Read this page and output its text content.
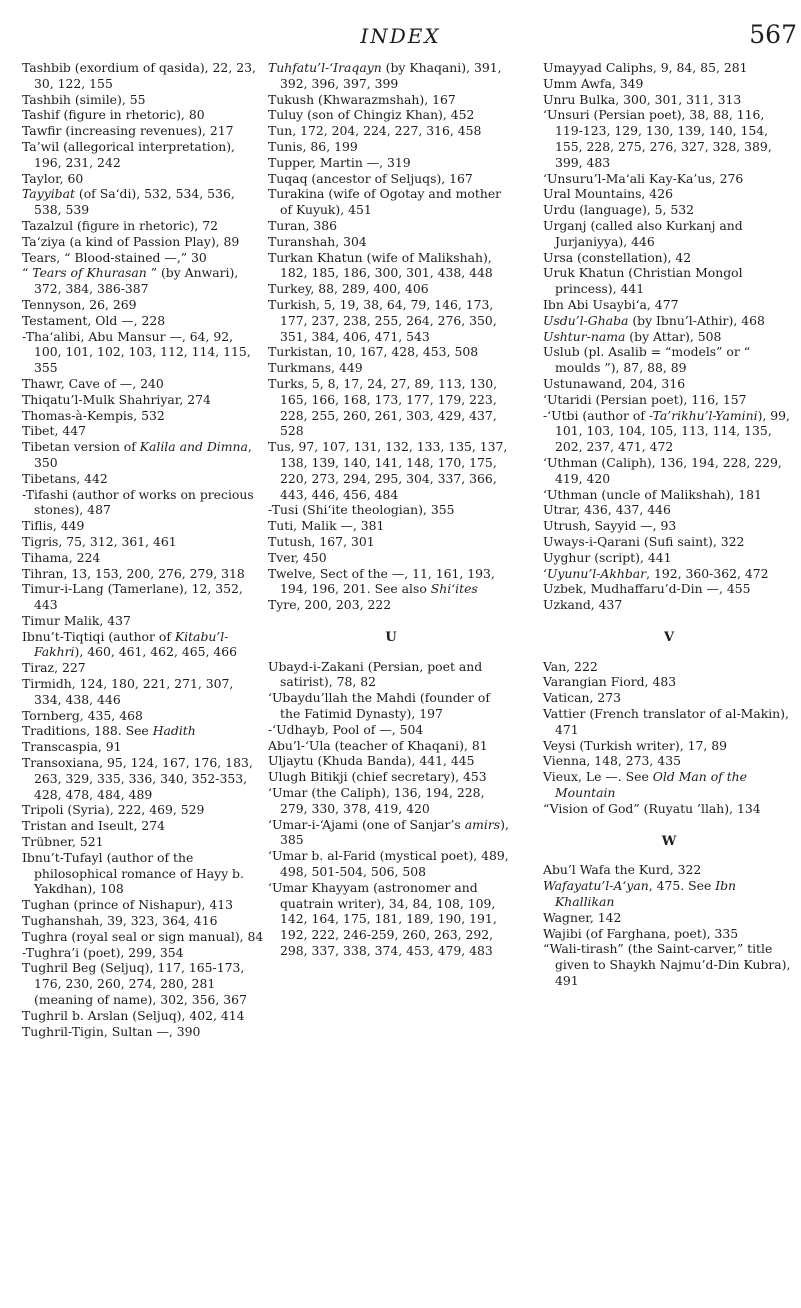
INDEX	567

Tashbib (exordium of qasida), 22, 23, 30, 122, 155

Tashbih (simile), 55

Tashif (figure in rhetoric), 80

Tawfir (increasing revenues), 217

Ta’wil (allegorical interpretation), 196, 231, 242

Taylor, 60

Tayyibat (of Sa‘di), 532, 534, 536, 538, 539

Tazalzul (figure in rhetoric), 72

Ta‘ziya (a kind of Passion Play), 89

Tears, “ Blood-stained —,” 30

“ Tears of Khurasan ” (by Anwari), 372, 384, 386-387

Tennyson, 26, 269

Testament, Old —, 228

-Tha‘alibi, Abu Mansur —, 64, 92, 100, 101, 102, 103, 112, 114, 115, 355

Thawr, Cave of —, 240

Thiqatu’l-Mulk Shahriyar, 274

Thomas-à-Kempis, 532

Tibet, 447

Tibetan version of Kalila and Dimna, 350

Tibetans, 442

-Tifashi (author of works on precious stones), 487

Tiflis, 449

Tigris, 75, 312, 361, 461

Tihama, 224

Tihran, 13, 153, 200, 276, 279, 318

Timur-i-Lang (Tamerlane), 12, 352, 443

Timur Malik, 437

Ibnu’t-Tiqtiqi (author of Kitabu’l-Fakhri), 460, 461, 462, 465, 466

Tiraz, 227

Tirmidh, 124, 180, 221, 271, 307, 334, 438, 446

Tornberg, 435, 468

Traditions, 188. See Hadith

Transcaspia, 91

Transoxiana, 95, 124, 167, 176, 183, 263, 329, 335, 336, 340, 352-353, 428, 478, 484, 489

Tripoli (Syria), 222, 469, 529

Tristan and Iseult, 274

Trübner, 521

Ibnu’t-Tufayl (author of the philosophical romance of Hayy b. Yakdhan), 108

Tughan (prince of Nishapur), 413

Tughanshah, 39, 323, 364, 416

Tughra (royal seal or sign manual), 84

-Tughra’i (poet), 299, 354

Tughril Beg (Seljuq), 117, 165-173, 176, 230, 260, 274, 280, 281 (meaning of name), 302, 356, 367

Tughril b. Arslan (Seljuq), 402, 414

Tughril-Tigin, Sultan —, 390

Tuhfatu’l-‘Iraqayn (by Khaqani), 391, 392, 396, 397, 399

Tukush (Khwarazmshah), 167

Tuluy (son of Chingiz Khan), 452

Tun, 172, 204, 224, 227, 316, 458

Tunis, 86, 199

Tupper, Martin —, 319

Tuqaq (ancestor of Seljuqs), 167

Turakina (wife of Ogotay and mother of Kuyuk), 451

Turan, 386

Turanshah, 304

Turkan Khatun (wife of Malikshah), 182, 185, 186, 300, 301, 438, 448

Turkey, 88, 289, 400, 406

Turkish, 5, 19, 38, 64, 79, 146, 173, 177, 237, 238, 255, 264, 276, 350, 351, 384, 406, 471, 543

Turkistan, 10, 167, 428, 453, 508

Turkmans, 449

Turks, 5, 8, 17, 24, 27, 89, 113, 130, 165, 166, 168, 173, 177, 179, 223, 228, 255, 260, 261, 303, 429, 437, 528

Tus, 97, 107, 131, 132, 133, 135, 137, 138, 139, 140, 141, 148, 170, 175, 220, 273, 294, 295, 304, 337, 366, 443, 446, 456, 484

-Tusi (Shi‘ite theologian), 355

Tuti, Malik —, 381

Tutush, 167, 301

Tver, 450

Twelve, Sect of the —, 11, 161, 193, 194, 196, 201. See also Shi‘ites

Tyre, 200, 203, 222

U

Ubayd-i-Zakani (Persian, poet and satirist), 78, 82

‘Ubaydu’llah the Mahdi (founder of the Fatimid Dynasty), 197

-‘Udhayb, Pool of —, 504

Abu’l-‘Ula (teacher of Khaqani), 81

Uljaytu (Khuda Banda), 441, 445

Ulugh Bitikji (chief secretary), 453

‘Umar (the Caliph), 136, 194, 228, 279, 330, 378, 419, 420

‘Umar-i-‘Ajami (one of Sanjar’s amirs), 385

‘Umar b. al-Farid (mystical poet), 489, 498, 501-504, 506, 508

‘Umar Khayyam (astronomer and quatrain writer), 34, 84, 108, 109, 142, 164, 175, 181, 189, 190, 191, 192, 222, 246-259, 260, 263, 292, 298, 337, 338, 374, 453, 479, 483

Umayyad Caliphs, 9, 84, 85, 281

Umm Awfa, 349

Unru Bulka, 300, 301, 311, 313

‘Unsuri (Persian poet), 38, 88, 116, 119-123, 129, 130, 139, 140, 154, 155, 228, 275, 276, 327, 328, 389, 399, 483

‘Unsuru’l-Ma‘ali Kay-Ka’us, 276

Ural Mountains, 426

Urdu (language), 5, 532

Urganj (called also Kurkanj and Jurjaniyya), 446

Ursa (constellation), 42

Uruk Khatun (Christian Mongol princess), 441

Ibn Abi Usaybi‘a, 477

Usdu’l-Ghaba (by Ibnu’l-Athir), 468

Ushtur-nama (by Attar), 508

Uslub (pl. Asalib = “models” or “ moulds ”), 87, 88, 89

Ustunawand, 204, 316

‘Utaridi (Persian poet), 116, 157

-‘Utbi (author of -Ta’rikhu’l-Yamini), 99, 101, 103, 104, 105, 113, 114, 135, 202, 237, 471, 472

‘Uthman (Caliph), 136, 194, 228, 229, 419, 420

‘Uthman (uncle of Malikshah), 181

Utrar, 436, 437, 446

Utrush, Sayyid —, 93

Uways-i-Qarani (Sufi saint), 322

Uyghur (script), 441

‘Uyunu’l-Akhbar, 192, 360-362, 472

Uzbek, Mudhaffaru’d-Din —, 455

Uzkand, 437

V

Van, 222

Varangian Fiord, 483

Vatican, 273

Vattier (French translator of al-Makin), 471

Veysi (Turkish writer), 17, 89

Vienna, 148, 273, 435

Vieux, Le —. See Old Man of the Mountain

“Vision of God” (Ruyatu ’llah), 134

W

Abu’l Wafa the Kurd, 322

Wafayatu’l-A‘yan, 475. See Ibn Khallikan

Wagner, 142

Wajibi (of Farghana, poet), 335

“Wali-tirash” (the Saint-carver,” title given to Shaykh Najmu’d-Din Kubra), 491
